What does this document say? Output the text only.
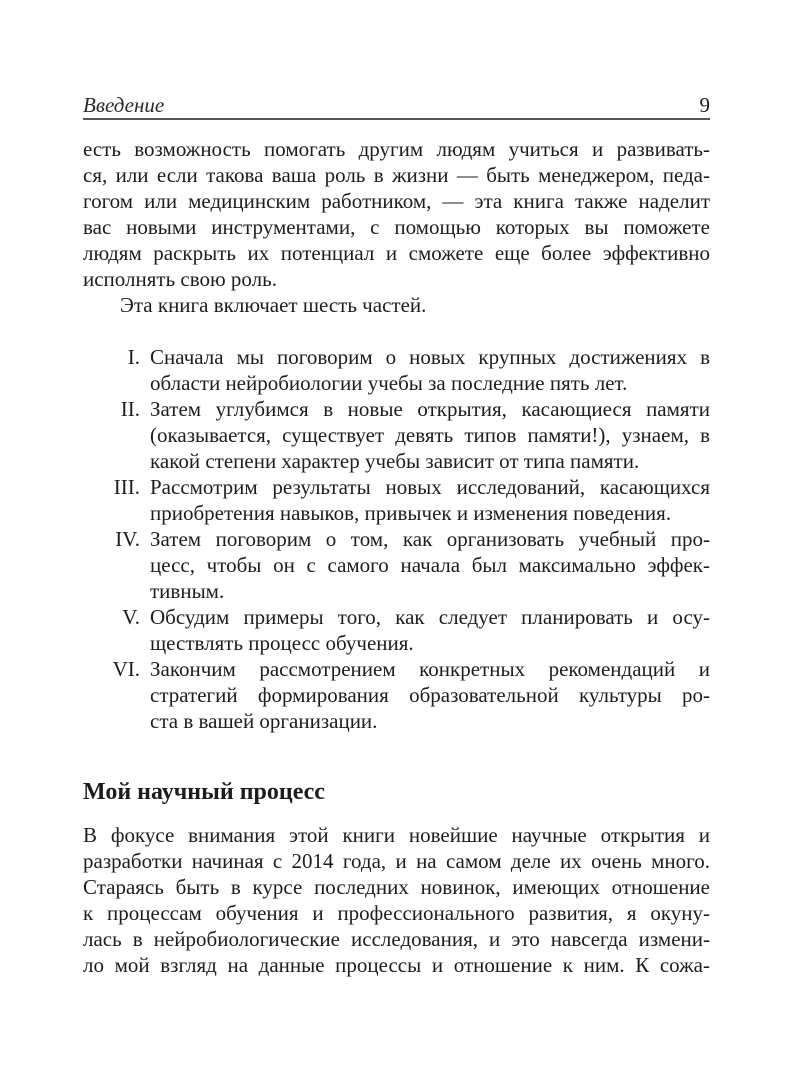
Введение	9
есть возможность помогать другим людям учиться и развивать-
ся, или если такова ваша роль в жизни — быть менеджером, педа-
гогом или медицинским работником, — эта книга также наделит
вас новыми инструментами, с помощью которых вы поможете
людям раскрыть их потенциал и сможете еще более эффективно
исполнять свою роль.
Эта книга включает шесть частей.
I. Сначала мы поговорим о новых крупных достижениях в
области нейробиологии учебы за последние пять лет.
II. Затем углубимся в новые открытия, касающиеся памяти
(оказывается, существует девять типов памяти!), узнаем, в
какой степени характер учебы зависит от типа памяти.
III. Рассмотрим результаты новых исследований, касающихся
приобретения навыков, привычек и изменения поведения.
IV. Затем поговорим о том, как организовать учебный про-
цесс, чтобы он с самого начала был максимально эффек-
тивным.
V. Обсудим примеры того, как следует планировать и осу-
ществлять процесс обучения.
VI. Закончим рассмотрением конкретных рекомендаций и
стратегий формирования образовательной культуры ро-
ста в вашей организации.
Мой научный процесс
В фокусе внимания этой книги новейшие научные открытия и
разработки начиная с 2014 года, и на самом деле их очень много.
Стараясь быть в курсе последних новинок, имеющих отношение
к процессам обучения и профессионального развития, я окуну-
лась в нейробиологические исследования, и это навсегда измени-
ло мой взгляд на данные процессы и отношение к ним. К сожа-
